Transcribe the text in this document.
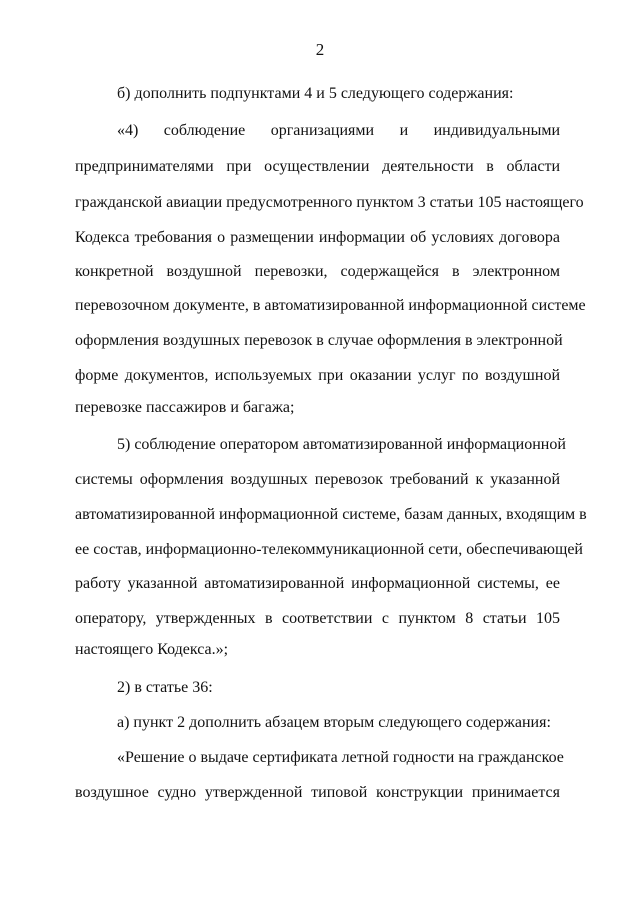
2
б) дополнить подпунктами 4 и 5 следующего содержания:
«4) соблюдение организациями и индивидуальными
предпринимателями при осуществлении деятельности в области
гражданской авиации предусмотренного пунктом 3 статьи 105 настоящего
Кодекса требования о размещении информации об условиях договора
конкретной воздушной перевозки, содержащейся в электронном
перевозочном документе, в автоматизированной информационной системе
оформления воздушных перевозок в случае оформления в электронной
форме документов, используемых при оказании услуг по воздушной
перевозке пассажиров и багажа;
5) соблюдение оператором автоматизированной информационной
системы оформления воздушных перевозок требований к указанной
автоматизированной информационной системе, базам данных, входящим в
ее состав, информационно-телекоммуникационной сети, обеспечивающей
работу указанной автоматизированной информационной системы, ее
оператору, утвержденных в соответствии с пунктом 8 статьи 105
настоящего Кодекса.»;
2) в статье 36:
а) пункт 2 дополнить абзацем вторым следующего содержания:
«Решение о выдаче сертификата летной годности на гражданское
воздушное судно утвержденной типовой конструкции принимается
